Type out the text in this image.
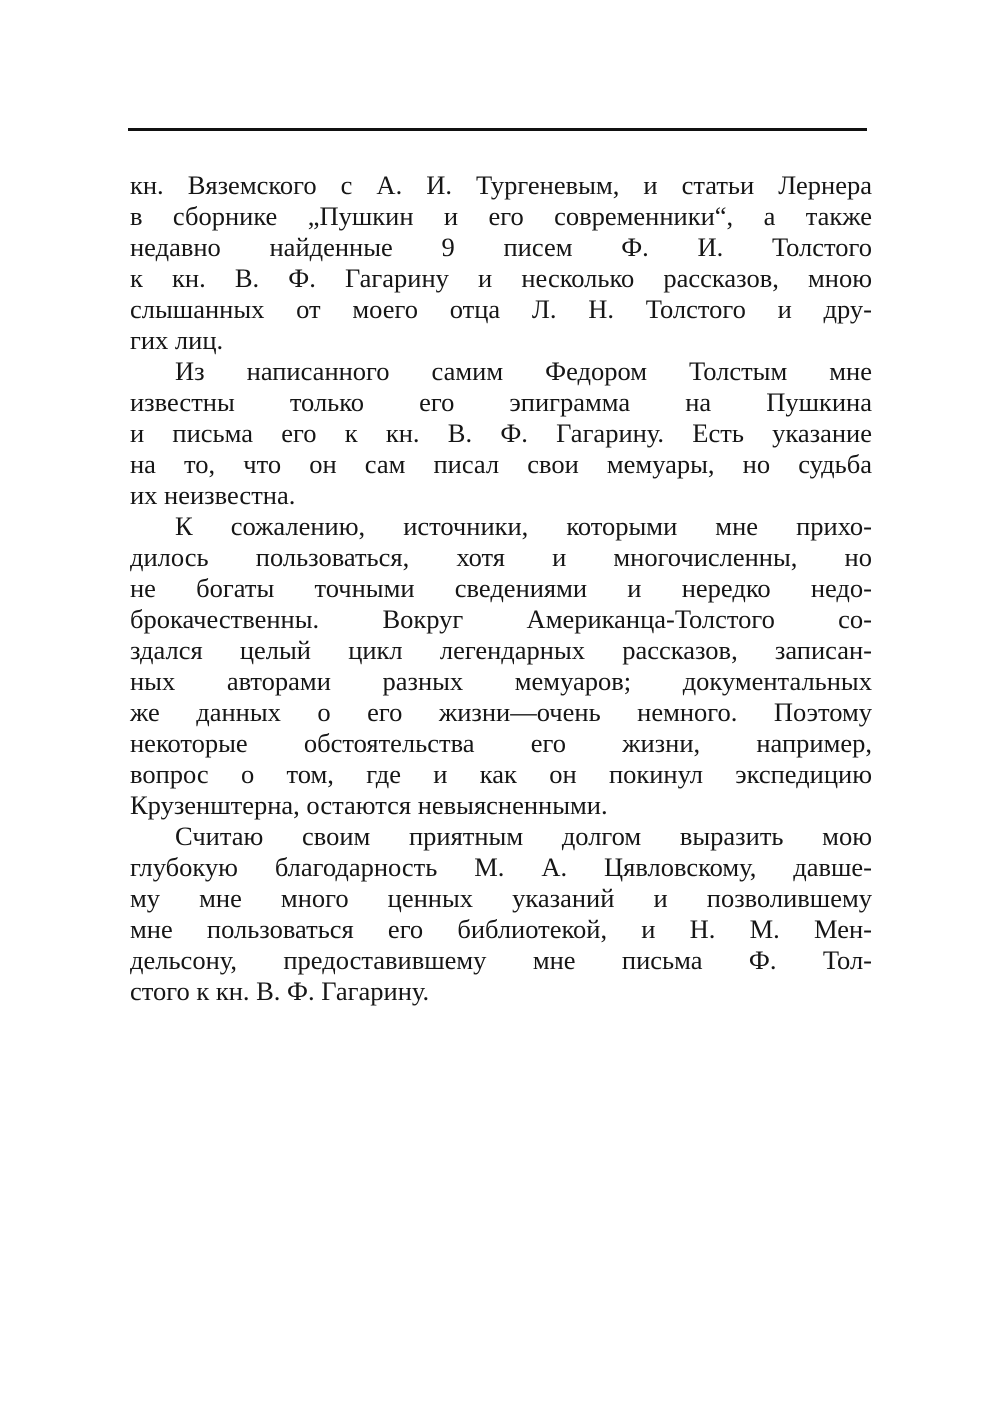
кн. Вяземского с А. И. Тургеневым, и статьи Лернера
в сборнике „Пушкин и его современники“, а также
недавно найденные 9 писем Ф. И. Толстого
к кн. В. Ф. Гагарину и несколько рассказов, мною
слышанных от моего отца Л. Н. Толстого и дру-
гих лиц.
Из написанного самим Федором Толстым мне
известны только его эпиграмма на Пушкина
и письма его к кн. В. Ф. Гагарину. Есть указание
на то, что он сам писал свои мемуары, но судьба
их неизвестна.
К сожалению, источники, которыми мне прихо-
дилось пользоваться, хотя и многочисленны, но
не богаты точными сведениями и нередко недо-
брокачественны. Вокруг Американца-Толстого со-
здался целый цикл легендарных рассказов, записан-
ных авторами разных мемуаров; документальных
же данных о его жизни—очень немного. Поэтому
некоторые обстоятельства его жизни, например,
вопрос о том, где и как он покинул экспедицию
Крузенштерна, остаются невыясненными.
Считаю своим приятным долгом выразить мою
глубокую благодарность М. А. Цявловскому, давше-
му мне много ценных указаний и позволившему
мне пользоваться его библиотекой, и Н. М. Мен-
дельсону, предоставившему мне письма Ф. Тол-
стого к кн. В. Ф. Гагарину.
